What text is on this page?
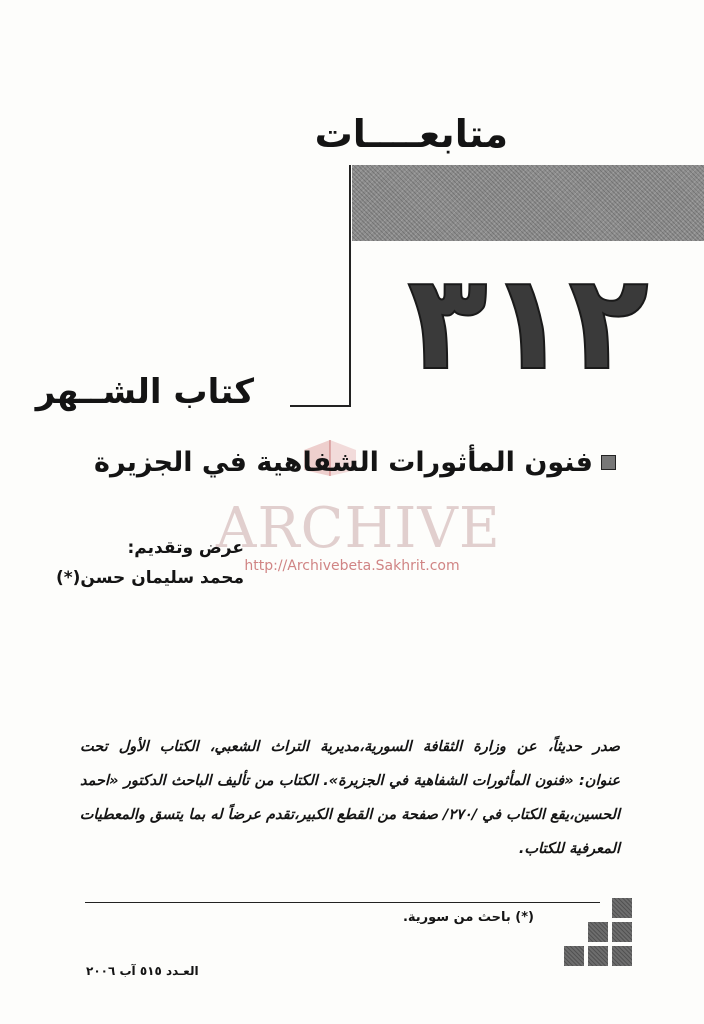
متابعــــات
٣١٢
كتاب الشــهر
فنون المأثورات الشفاهية في الجزيرة
ARCHIVE
http://Archivebeta.Sakhrit.com
عرض وتقديم:
محمد سليمان حسن(*)
صدر حديثاً، عن وزارة الثقافة السورية،مديرية التراث الشعبي، الكتاب الأول تحت
عنوان: «فنون المأثورات الشفاهية في الجزيرة». الكتاب من تأليف الباحث الدكتور «احمد
الحسين،يقع الكتاب في /٢٧٠/ صفحة من القطع الكبير،تقدم عرضاً له بما يتسق والمعطيات
المعرفية للكتاب.
(*) باحث من سورية.
العـدد ٥١٥ آب ٢٠٠٦
